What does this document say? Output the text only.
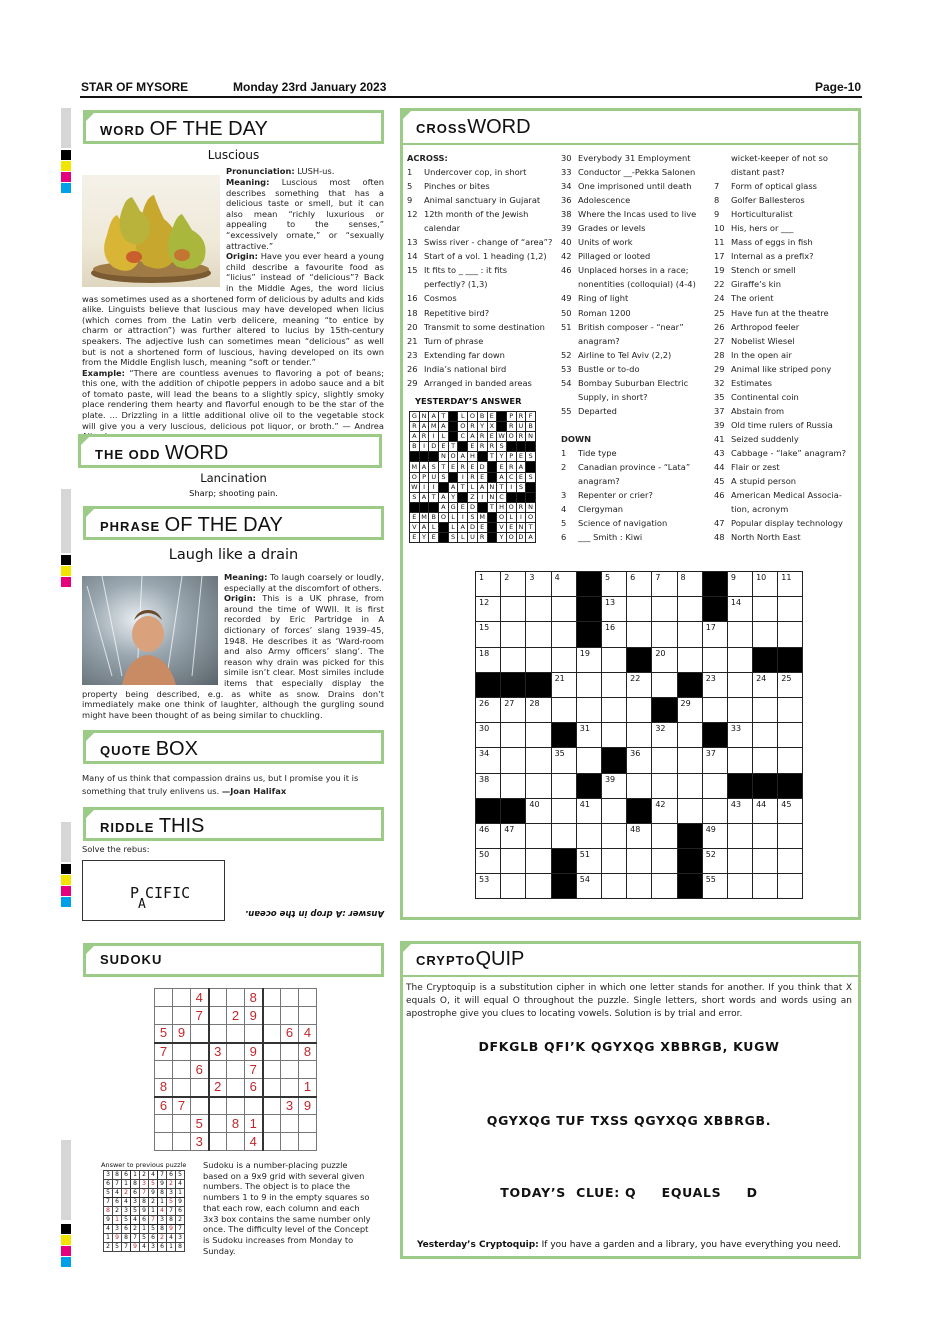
STAR OF MYSORE	Monday 23rd January 2023	Page-10
WORD OF THE DAY
Luscious
Pronunciation: LUSH-us.
Meaning: Luscious most often describes something that has a delicious taste or smell, but it can also mean “richly luxurious or appealing to the senses,” “excessively ornate,” or “sexually attractive.”
Origin: Have you ever heard a young child describe a favourite food as “licius” instead of “delicious”? Back in the Middle Ages, the word licius was sometimes used as a shortened form of delicious by adults and kids alike. Linguists believe that luscious may have developed when licius (which comes from the Latin verb delicere, meaning “to entice by charm or attraction”) was further altered to lucius by 15th-century speakers. The adjective lush can sometimes mean “delicious” as well but is not a shortened form of luscious, having developed on its own from the Middle English lusch, meaning “soft or tender.”
Example: “There are countless avenues to flavoring a pot of beans; this one, with the addition of chipotle peppers in adobo sauce and a bit of tomato paste, will lead the beans to a slightly spicy, slightly smoky place rendering them hearty and flavorful enough to be the star of the plate. ... Drizzling in a little additional olive oil to the vegetable stock will give you a very luscious, delicious pot liquor, or broth.” — Andrea
THE ODD WORD
Lancination
Sharp; shooting pain.
PHRASE OF THE DAY
Laugh like a drain
Meaning: To laugh coarsely or loudly, especially at the discomfort of others.
Origin: This is a UK phrase, from around the time of WWII. It is first recorded by Eric Partridge in A dictionary of forces’ slang 1939–45, 1948. He describes it as ‘Ward-room and also Army officers’ slang’. The reason why drain was picked for this simile isn’t clear. Most similes include items that especially display the property being described, e.g. as white as snow. Drains don’t immediately make one think of laughter, although the gurgling sound might have been thought of as being similar to chuckling.
QUOTE BOX
Many of us think that compassion drains us, but I promise you it is something that truly enlivens us. —Joan Halifax
RIDDLE THIS
Solve the rebus:
P
A
CIFIC
Answer :A drop in the ocean.
SUDOKU
		4			8			
		7		2	9			
5	9						6	4
7			3		9			8
		6			7			
8			2		6			1
6	7						3	9
		5		8	1			
		3			4			
Answer to previous puzzle
3	8	6	1	2	4	7	6	5
6	7	1	8	3	5	9	2	4
5	4	2	6	7	9	8	3	1
7	6	4	3	8	2	1	5	9
8	2	3	5	9	1	4	7	6
9	1	5	4	6	7	3	8	2
4	3	6	2	1	5	8	9	7
1	9	8	7	5	6	2	4	3
2	5	7	9	4	3	6	1	8
Sudoku is a number-placing puzzle based on a 9x9 grid with several given numbers. The object is to place the numbers 1 to 9 in the empty squares so that each row, each column and each 3x3 box contains the same number only once. The difficulty level of the Concept is Sudoku increases from Monday to Sunday.
CROSSWORD
ACROSS:
1 Undercover cop, in short
5 Pinches or bites
9 Animal sanctuary in Gujarat
12 12th month of the Jewish
calendar
13 Swiss river - change of “area”?
14 Start of a vol. 1 heading (1,2)
15 It fits to _ ___ : it fits
perfectly? (1,3)
16 Cosmos
18 Repetitive bird?
20 Transmit to some destination
21 Turn of phrase
23 Extending far down
26 India’s national bird
29 Arranged in banded areas
YESTERDAY’S ANSWER
G	N	A	T		L	O	B	E		P	R	F
R	A	M	A		O	R	Y	X		R	U	B
A	R	I	L		C	A	R	E	W	O	R	N
B	I	D	E	T		E	R	R	S			
			N	O	A	H		T	Y	P	E	S
M	A	S	T	E	R	E	D		E	R	A	
O	P	U	S		I	R	E		A	C	E	S
W	I	I		A	T	L	A	N	T	I	S	
S	A	T	A	Y		Z	I	N	C			
			A	G	E	D		T	H	O	R	N
E	M	B	O	L	I	S	M		O	L	I	O
V	A	L		L	A	D	E		V	E	N	T
E	Y	E		S	L	U	R		Y	O	D	A
30 Everybody 31 Employment
33 Conductor __-Pekka Salonen
34 One imprisoned until death
36 Adolescence
38 Where the Incas used to live
39 Grades or levels
40 Units of work
42 Pillaged or looted
46 Unplaced horses in a race;
nonentities (colloquial) (4-4)
49 Ring of light
50 Roman 1200
51 British composer - “near”
anagram?
52 Airline to Tel Aviv (2,2)
53 Bustle or to-do
54 Bombay Suburban Electric
Supply, in short?
55 Departed
DOWN
1 Tide type
2 Canadian province - “Lata”
anagram?
3 Repenter or crier?
4 Clergyman
5 Science of navigation
6 ___ Smith : Kiwi
wicket-keeper of not so
distant past?
7 Form of optical glass
8 Golfer Ballesteros
9 Horticulturalist
10 His, hers or ___
11 Mass of eggs in fish
17 Internal as a prefix?
19 Stench or smell
22 Giraffe’s kin
24 The orient
25 Have fun at the theatre
26 Arthropod feeler
27 Nobelist Wiesel
28 In the open air
29 Animal like striped pony
32 Estimates
35 Continental coin
37 Abstain from
39 Old time rulers of Russia
41 Seized suddenly
43 Cabbage - “lake” anagram?
44 Flair or zest
45 A stupid person
46 American Medical Associa-
tion, acronym
47 Popular display technology
48 North North East
1	2	3	4		5	6	7	8		9	10	11
12					13					14		
15					16				17			
18				19			20					
			21			22			23		24	25
26	27	28						29				
30				31			32			33		
34			35			36			37			
38					39							
		40		41			42			43	44	45
46	47					48			49			
50				51					52			
53				54					55			
CRYPTOQUIP
The Cryptoquip is a substitution cipher in which one letter stands for another. If you think that X equals O, it will equal O throughout the puzzle. Single letters, short words and words using an apostrophe give you clues to locating vowels. Solution is by trial and error.
DFKGLB QFI’K QGYXQG XBBRGB, KUGW
QGYXQG TUF TXSS QGYXQG XBBRGB.
TODAY’S  CLUE: Q     EQUALS     D
Yesterday’s Cryptoquip: If you have a garden and a library, you have everything you need.
